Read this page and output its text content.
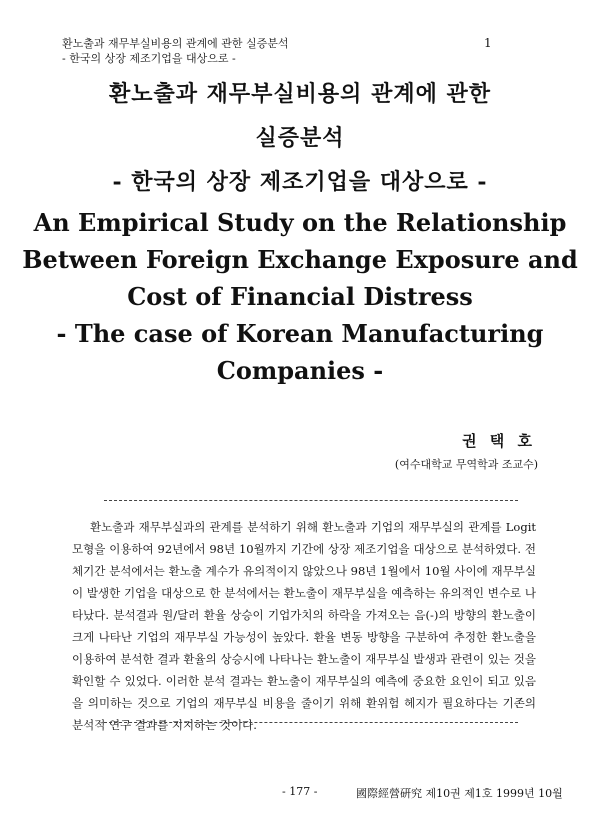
환노출과 재무부실비용의 관계에 관한 실증분석
- 한국의 상장 제조기업을 대상으로 -
1
환노출과 재무부실비용의 관계에 관한
실증분석
- 한국의 상장 제조기업을 대상으로 -
An Empirical Study on the Relationship
Between Foreign Exchange Exposure and
Cost of Financial Distress
- The case of Korean Manufacturing
Companies -
권 택 호
(여수대학교 무역학과 조교수)

환노출과 재무부실과의 관계를 분석하기 위해 환노출과 기업의 재무부실의 관계를 Logit 모형을 이용하여 92년에서 98년 10월까지 기간에 상장 제조기업을 대상으로 분석하였다. 전체기간 분석에서는 환노출 계수가 유의적이지 않았으나 98년 1월에서 10월 사이에 재무부실이 발생한 기업을 대상으로 한 분석에서는 환노출이 재무부실을 예측하는 유의적인 변수로 나타났다. 분석결과 원/달러 환율 상승이 기업가치의 하락을 가져오는 음(-)의 방향의 환노출이 크게 나타난 기업의 재무부실 가능성이 높았다. 환율 변동 방향을 구분하여 추정한 환노출을 이용하여 분석한 결과 환율의 상승시에 나타나는 환노출이 재무부실 발생과 관련이 있는 것을 확인할 수 있었다. 이러한 분석 결과는 환노출이 재무부실의 예측에 중요한 요인이 되고 있음을 의미하는 것으로 기업의 재무부실 비용을 줄이기 위해 환위험 헤지가 필요하다는 기존의 분석적 연구 결과를 지지하는 것이다.

- 177 -	國際經營硏究 제10권 제1호 1999년 10월
